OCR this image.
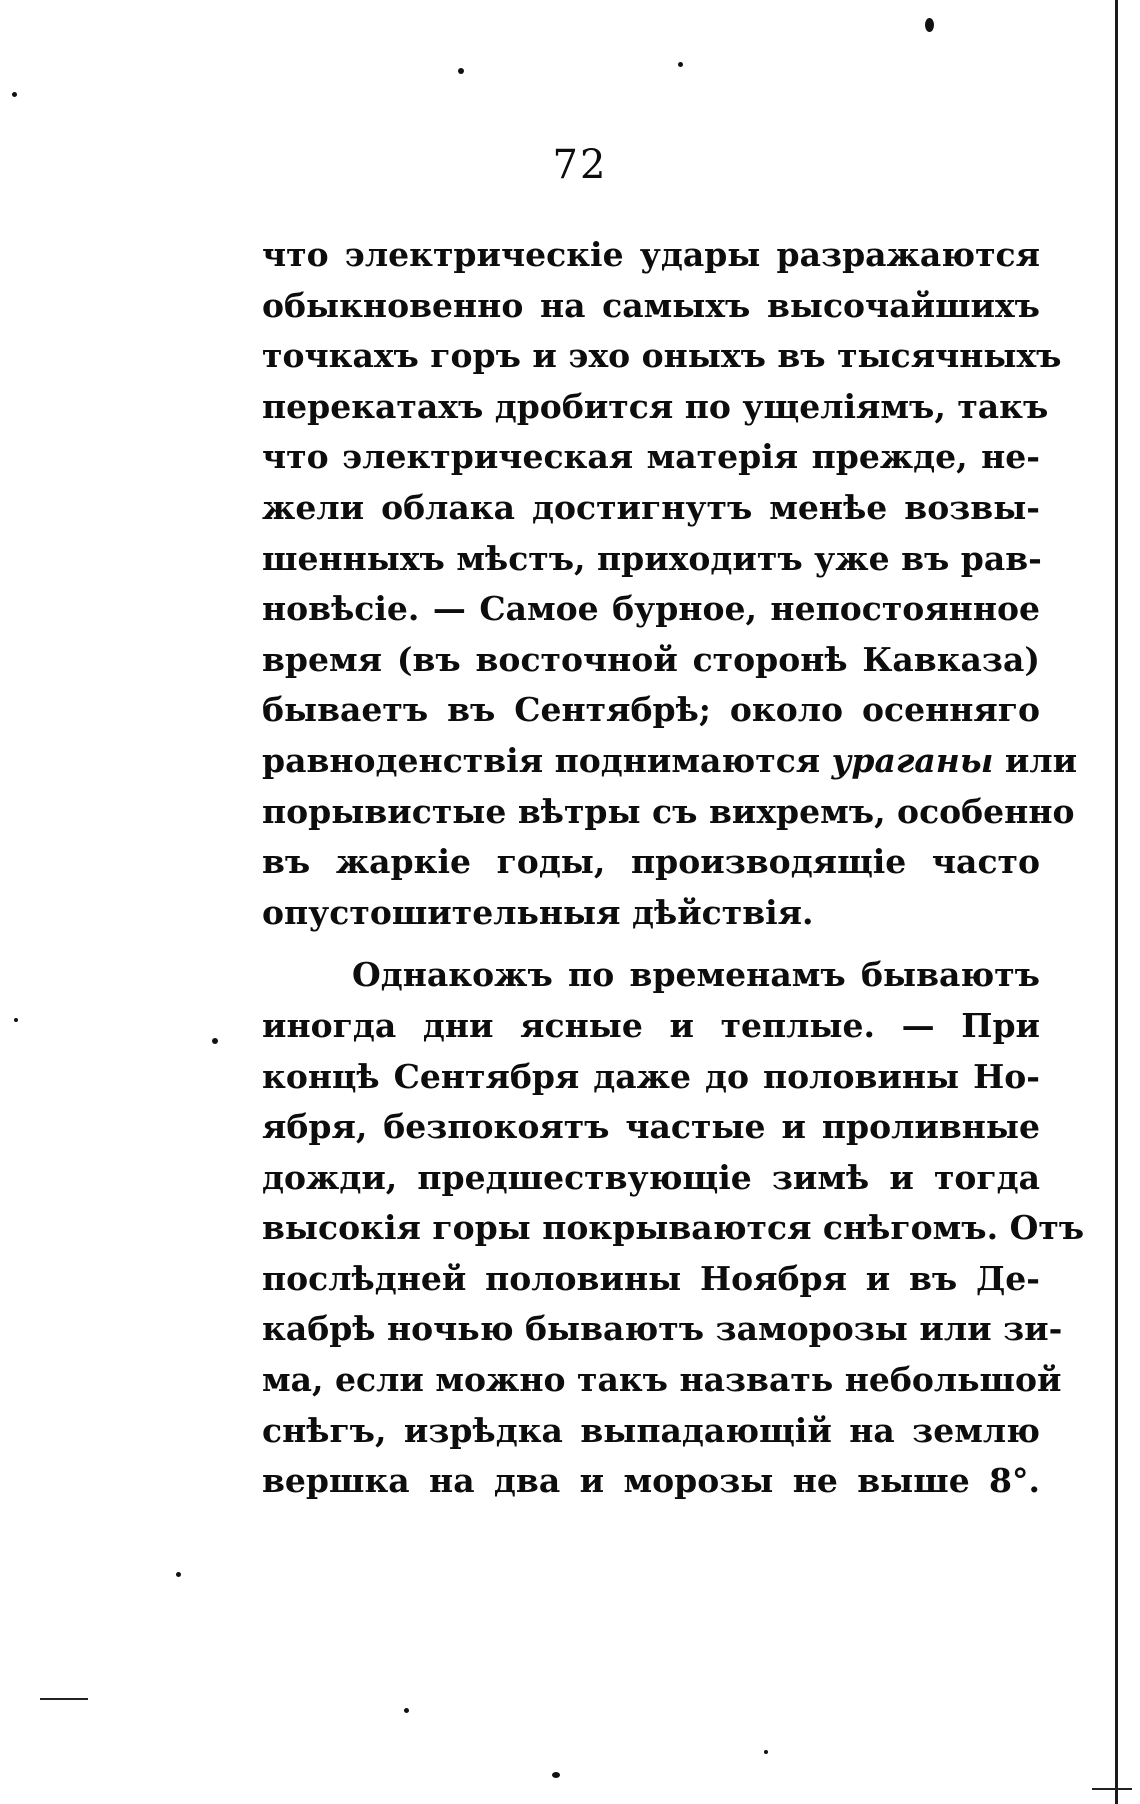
72
что электрическіе удары разражаются
обыкновенно на самыхъ высочайшихъ
точкахъ горъ и эхо оныхъ въ тысячныхъ
перекатахъ дробится по ущеліямъ, такъ
что электрическая матерія прежде, не-
жели облака достигнутъ менѣе возвы-
шенныхъ мѣстъ, приходитъ уже въ рав-
новѣсіе. — Самое бурное, непостоянное
время (въ восточной сторонѣ Кавказа)
бываетъ въ Сентябрѣ; около осенняго
равноденствія поднимаются ураганы или
порывистые вѣтры съ вихремъ, особенно
въ жаркіе годы, производящіе часто
опустошительныя дѣйствія.
Однакожъ по временамъ бываютъ
иногда дни ясные и теплые. — При
концѣ Сентября даже до половины Но-
ября, безпокоятъ частые и проливные
дожди, предшествующіе зимѣ и тогда
высокія горы покрываются снѣгомъ. Отъ
послѣдней половины Ноября и въ Де-
кабрѣ ночью бываютъ заморозы или зи-
ма, если можно такъ назвать небольшой
снѣгъ, изрѣдка выпадающій на землю
вершка на два и морозы не выше 8°.
